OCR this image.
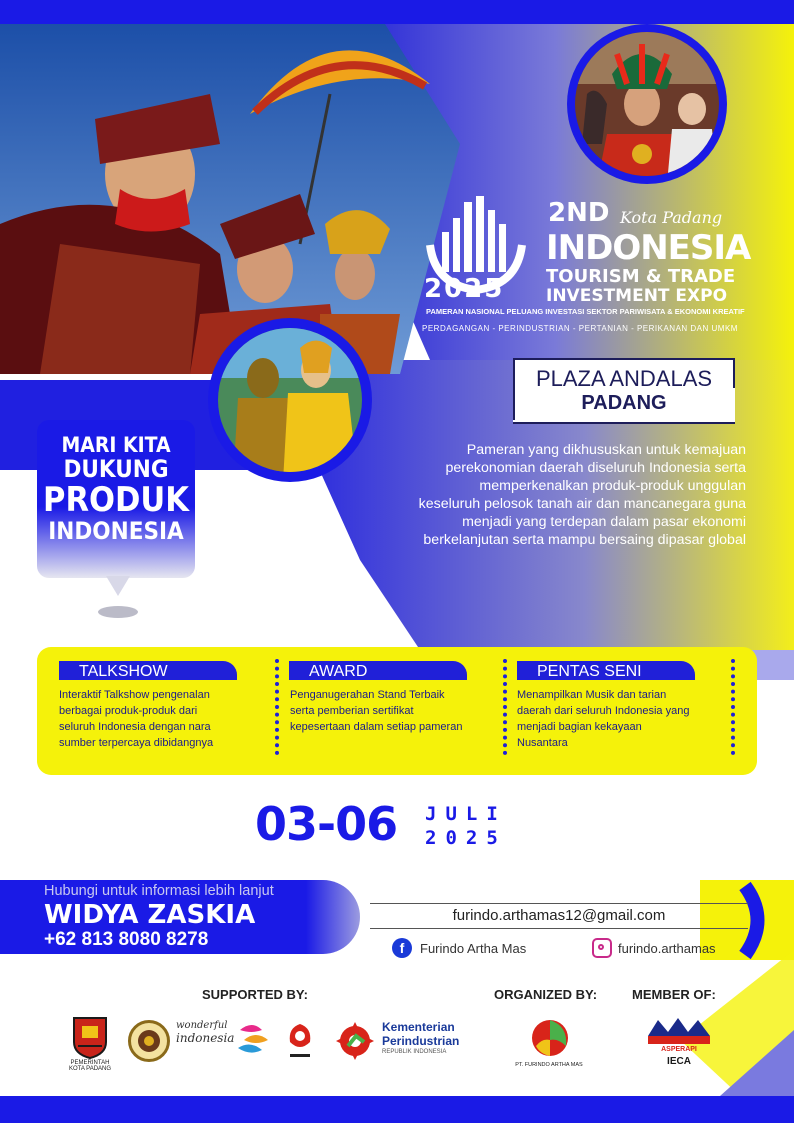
2025
2ND Kota Padang
INDONESIA
TOURISM & TRADE
INVESTMENT EXPO
PAMERAN NASIONAL PELUANG INVESTASI SEKTOR PARIWISATA & EKONOMI KREATIF
PERDAGANGAN - PERINDUSTRIAN - PERTANIAN - PERIKANAN DAN UMKM
PLAZA ANDALAS
PADANG
MARI KITA
DUKUNG
PRODUK
INDONESIA
Pameran yang dikhususkan untuk kemajuan
perekonomian daerah diseluruh Indonesia serta
memperkenalkan produk-produk unggulan
keseluruh pelosok tanah air dan mancanegara guna
menjadi yang terdepan dalam pasar ekonomi
berkelanjutan serta mampu bersaing dipasar global
TALKSHOW
Interaktif Talkshow pengenalan
berbagai produk-produk dari
seluruh Indonesia dengan nara
sumber terpercaya dibidangnya
AWARD
Penganugerahan Stand Terbaik
serta pemberian sertifikat
kepesertaan dalam setiap pameran
PENTAS SENI
Menampilkan Musik dan tarian
daerah dari seluruh Indonesia yang
menjadi bagian kekayaan
Nusantara
03-06 JULI
2025
Hubungi untuk informasi lebih lanjut
WIDYA ZASKIA
+62 813 8080 8278
furindo.arthamas12@gmail.com
f	Furindo Artha Mas	furindo.arthamas
SUPPORTED BY:	ORGANIZED BY:	MEMBER OF:
PEMERINTAH
KOTA PADANG
wonderful
indonesia
Kementerian
Perindustrian
REPUBLIK INDONESIA
PT. FURINDO ARTHA MAS
ASPERAPI
IECA
